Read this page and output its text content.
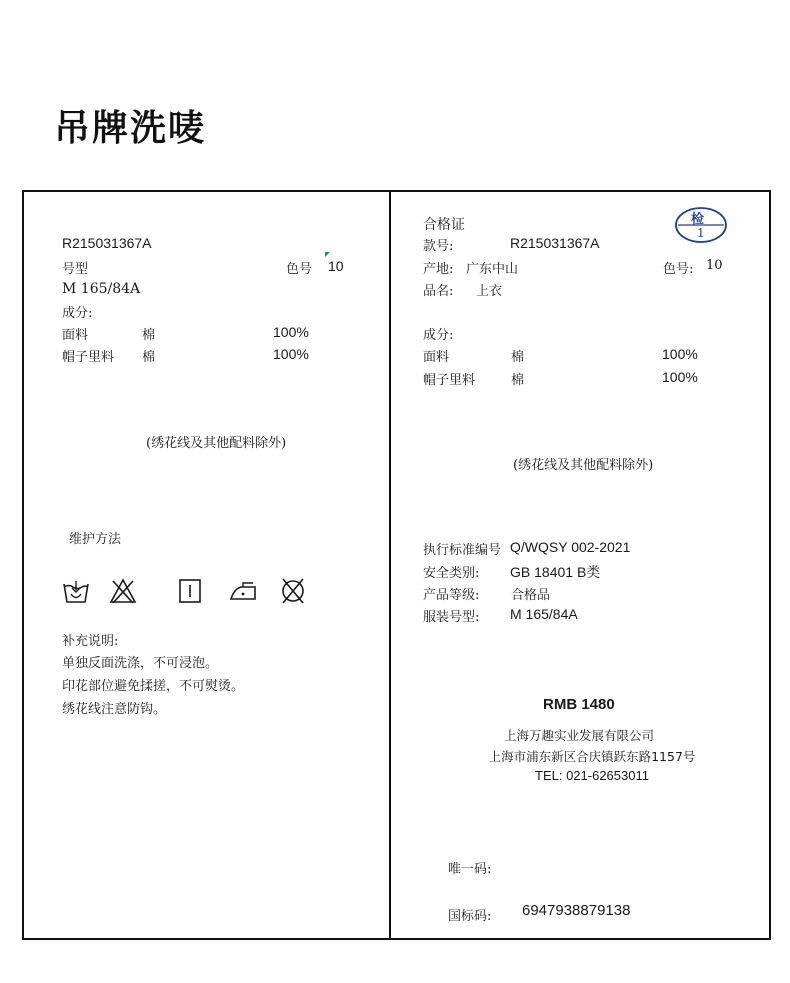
吊牌洗唛
R215031367A
号型	色号 10
M 165/84A
成分:
面料	棉	100%
帽子里料 棉	100%
(绣花线及其他配料除外)
维护方法
补充说明:
单独反面洗涤，不可浸泡。
印花部位避免揉搓，不可熨烫。
绣花线注意防钩。
合格证	检
1
款号:	R215031367A
产地: 广东中山	色号: 10
品名: 上衣
成分:
面料	棉	100%
帽子里料	棉	100%
(绣花线及其他配料除外)
执行标准编号 Q/WQSY 002-2021
安全类别: GB 18401 B类
产品等级: 合格品
服装号型: M 165/84A
RMB 1480
上海万趣实业发展有限公司
上海市浦东新区合庆镇跃东路1157号
TEL: 021-62653011
唯一码:
国标码: 6947938879138
